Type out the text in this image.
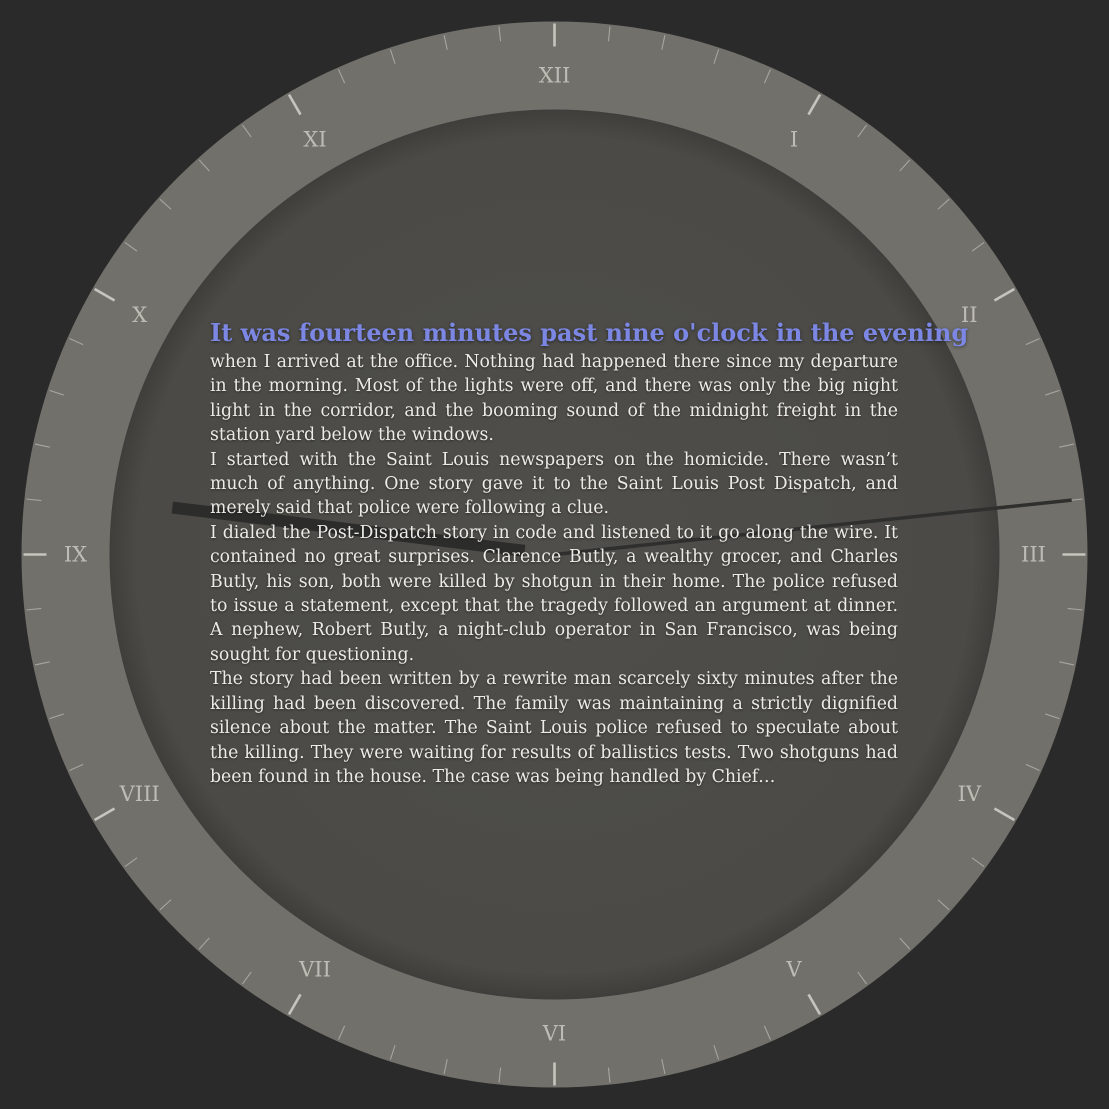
XII
I
II
III
IV
V
VI
VII
VIII
IX
X
XI
It was fourteen minutes past nine o'clock in the evening

when I arrived at the office. Nothing had happened there since my departure in the morning. Most of the lights were off, and there was only the big night light in the corridor, and the booming sound of the midnight freight in the station yard below the windows.

I started with the Saint Louis newspapers on the homicide. There wasn’t much of anything. One story gave it to the Saint Louis Post Dispatch, and merely said that police were following a clue.

I dialed the Post-Dispatch story in code and listened to it go along the wire. It contained no great surprises. Clarence Butly, a wealthy grocer, and Charles Butly, his son, both were killed by shotgun in their home. The police refused to issue a statement, except that the tragedy followed an argument at dinner. A nephew, Robert Butly, a night-club operator in San Francisco, was being sought for questioning.

The story had been written by a rewrite man scarcely sixty minutes after the killing had been discovered. The family was maintaining a strictly dignified silence about the matter. The Saint Louis police refused to speculate about the killing. They were waiting for results of ballistics tests. Two shotguns had been found in the house. The case was being handled by Chief…
